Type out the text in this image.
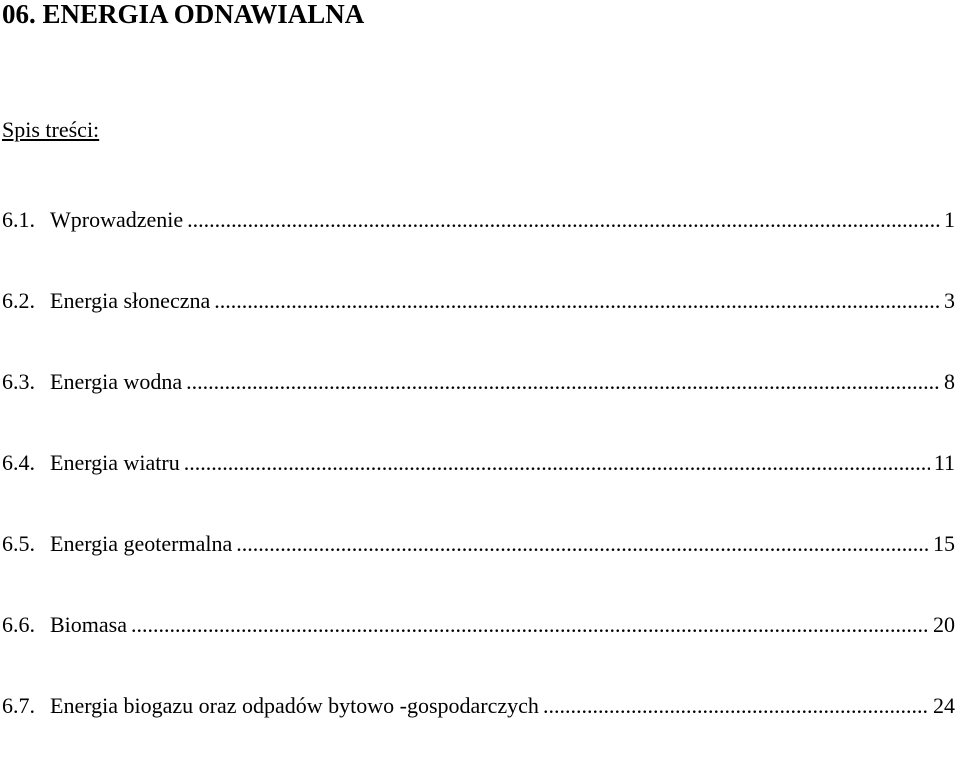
06. ENERGIA ODNAWIALNA
Spis treści:
6.1. Wprowadzenie .....	1
6.2. Energia słoneczna .....	3
6.3. Energia wodna .....	8
6.4. Energia wiatru .....	11
6.5. Energia geotermalna .....	15
6.6. Biomasa .....	20
6.7. Energia biogazu oraz odpadów bytowo -gospodarczych .....	24
